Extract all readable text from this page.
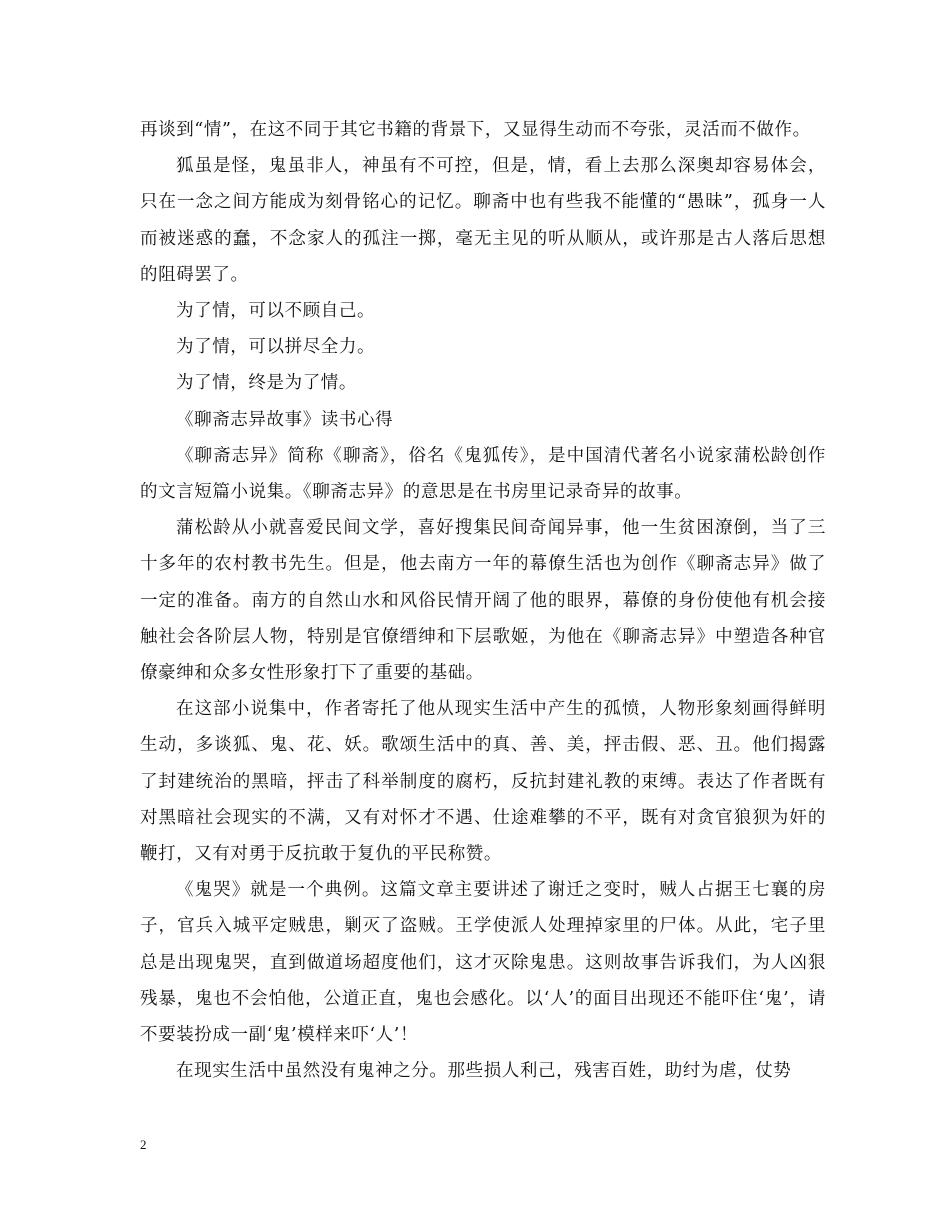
再谈到“情”，在这不同于其它书籍的背景下，又显得生动而不夸张，灵活而不做作。

狐虽是怪，鬼虽非人，神虽有不可控，但是，情，看上去那么深奥却容易体会，只在一念之间方能成为刻骨铭心的记忆。聊斋中也有些我不能懂的“愚昧”，孤身一人而被迷惑的蠢，不念家人的孤注一掷，毫无主见的听从顺从，或许那是古人落后思想的阻碍罢了。

为了情，可以不顾自己。

为了情，可以拼尽全力。

为了情，终是为了情。

《聊斋志异故事》读书心得

《聊斋志异》简称《聊斋》，俗名《鬼狐传》，是中国清代著名小说家蒲松龄创作的文言短篇小说集。《聊斋志异》的意思是在书房里记录奇异的故事。

蒲松龄从小就喜爱民间文学，喜好搜集民间奇闻异事，他一生贫困潦倒，当了三十多年的农村教书先生。但是，他去南方一年的幕僚生活也为创作《聊斋志异》做了一定的准备。南方的自然山水和风俗民情开阔了他的眼界，幕僚的身份使他有机会接触社会各阶层人物，特别是官僚缙绅和下层歌姬，为他在《聊斋志异》中塑造各种官僚豪绅和众多女性形象打下了重要的基础。

在这部小说集中，作者寄托了他从现实生活中产生的孤愤，人物形象刻画得鲜明生动，多谈狐、鬼、花、妖。歌颂生活中的真、善、美，抨击假、恶、丑。他们揭露了封建统治的黑暗，抨击了科举制度的腐朽，反抗封建礼教的束缚。表达了作者既有对黑暗社会现实的不满，又有对怀才不遇、仕途难攀的不平，既有对贪官狼狈为奸的鞭打，又有对勇于反抗敢于复仇的平民称赞。

《鬼哭》就是一个典例。这篇文章主要讲述了谢迁之变时，贼人占据王七襄的房子，官兵入城平定贼患，剿灭了盗贼。王学使派人处理掉家里的尸体。从此，宅子里总是出现鬼哭，直到做道场超度他们，这才灭除鬼患。这则故事告诉我们，为人凶狠残暴，鬼也不会怕他，公道正直，鬼也会感化。以‘人’的面目出现还不能吓住‘鬼’，请不要装扮成一副‘鬼’模样来吓‘人’！

在现实生活中虽然没有鬼神之分。那些损人利己，残害百姓，助纣为虐，仗势

2
